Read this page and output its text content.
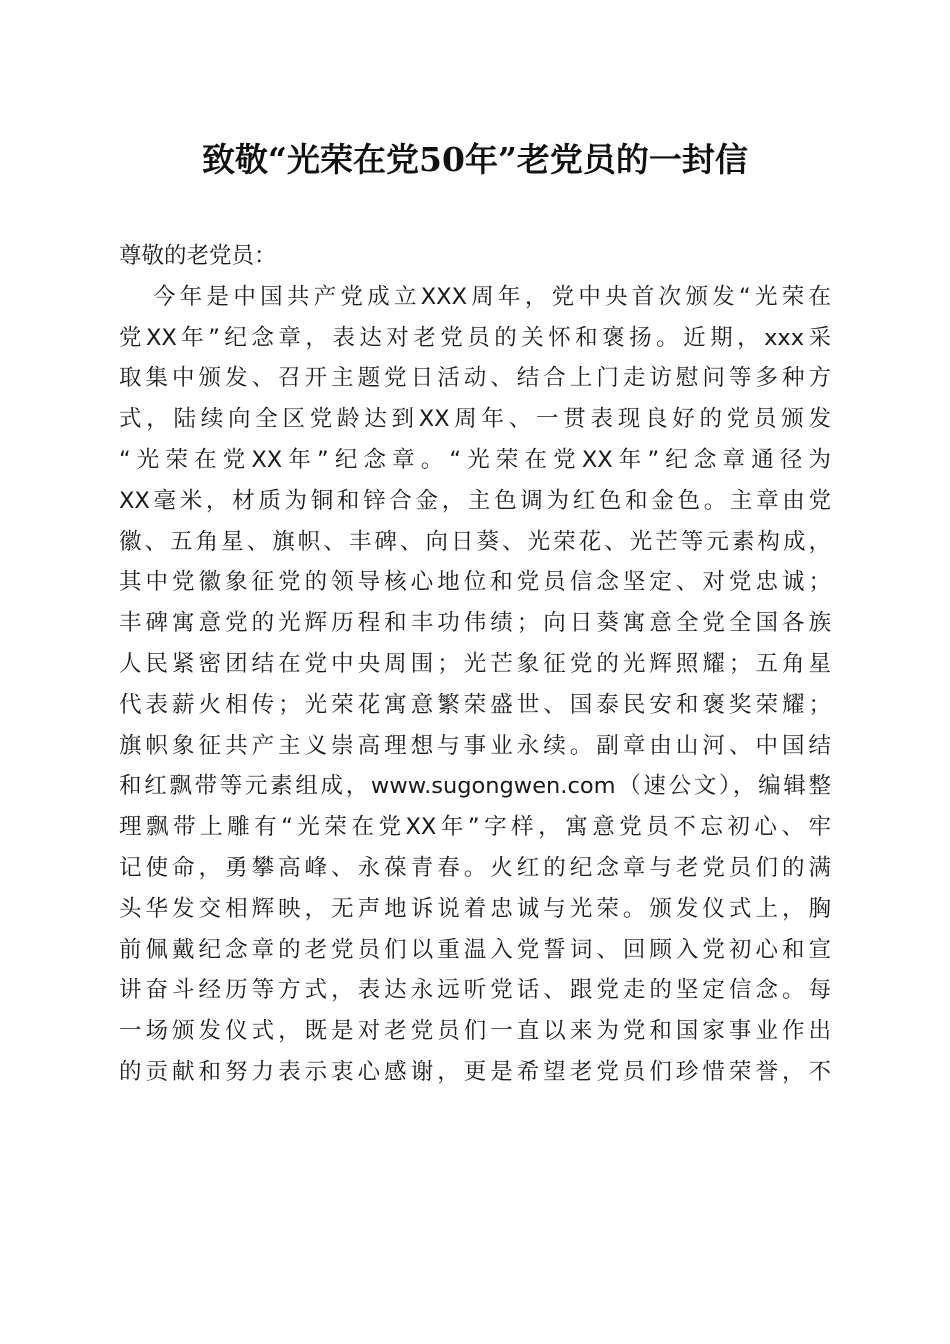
致敬“光荣在党50年”老党员的一封信

尊敬的老党员：

今年是中国共产党成立XXX周年，党中央首次颁发“光荣在
党XX年”纪念章，表达对老党员的关怀和褒扬。近期，xxx采
取集中颁发、召开主题党日活动、结合上门走访慰问等多种方
式，陆续向全区党龄达到XX周年、一贯表现良好的党员颁发
“光荣在党XX年”纪念章。“光荣在党XX年”纪念章通径为
XX毫米，材质为铜和锌合金，主色调为红色和金色。主章由党
徽、五角星、旗帜、丰碑、向日葵、光荣花、光芒等元素构成，
其中党徽象征党的领导核心地位和党员信念坚定、对党忠诚；
丰碑寓意党的光辉历程和丰功伟绩；向日葵寓意全党全国各族
人民紧密团结在党中央周围；光芒象征党的光辉照耀；五角星
代表薪火相传；光荣花寓意繁荣盛世、国泰民安和褒奖荣耀；
旗帜象征共产主义崇高理想与事业永续。副章由山河、中国结
和红飘带等元素组成，www.sugongwen.com（速公文），编辑整
理飘带上雕有“光荣在党XX年”字样，寓意党员不忘初心、牢
记使命，勇攀高峰、永葆青春。火红的纪念章与老党员们的满
头华发交相辉映，无声地诉说着忠诚与光荣。颁发仪式上，胸
前佩戴纪念章的老党员们以重温入党誓词、回顾入党初心和宣
讲奋斗经历等方式，表达永远听党话、跟党走的坚定信念。每
一场颁发仪式，既是对老党员们一直以来为党和国家事业作出
的贡献和努力表示衷心感谢，更是希望老党员们珍惜荣誉，不
